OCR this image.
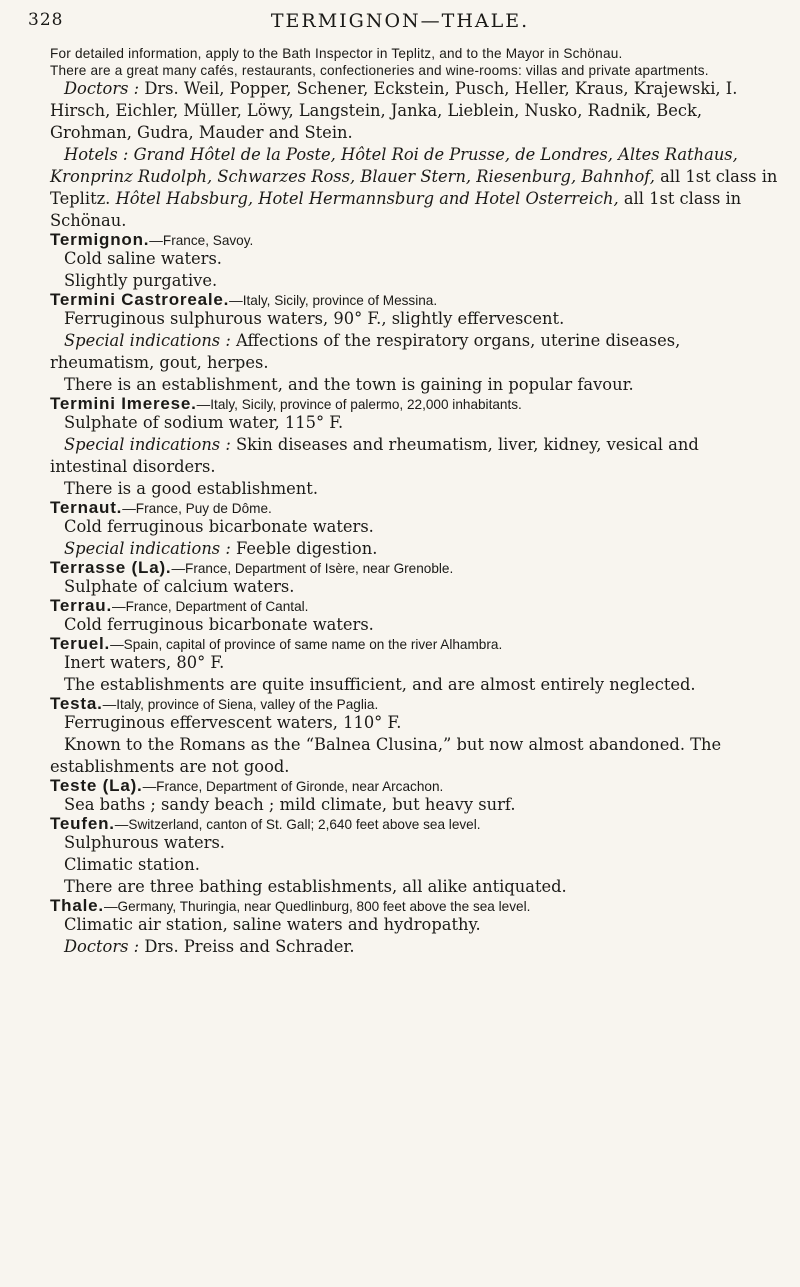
328	TERMIGNON—THALE.

For detailed information, apply to the Bath Inspector in Teplitz, and to the Mayor in Schönau.

There are a great many cafés, restaurants, confectioneries and wine-rooms: villas and private apartments.

Doctors : Drs. Weil, Popper, Schener, Eckstein, Pusch, Heller, Kraus, Krajewski, I. Hirsch, Eichler, Müller, Löwy, Langstein, Janka, Lieblein, Nusko, Radnik, Beck, Grohman, Gudra, Mauder and Stein.

Hotels : Grand Hôtel de la Poste, Hôtel Roi de Prusse, de Londres, Altes Rathaus, Kronprinz Rudolph, Schwarzes Ross, Blauer Stern, Riesenburg, Bahnhof, all 1st class in Teplitz. Hôtel Habsburg, Hotel Hermannsburg and Hotel Osterreich, all 1st class in Schönau.

Termignon.—France, Savoy.

Cold saline waters.

Slightly purgative.

Termini Castroreale.—Italy, Sicily, province of Messina.

Ferruginous sulphurous waters, 90° F., slightly effervescent.

Special indications : Affections of the respiratory organs, uterine diseases, rheumatism, gout, herpes.

There is an establishment, and the town is gaining in popular favour.

Termini Imerese.—Italy, Sicily, province of palermo, 22,000 inhabitants.

Sulphate of sodium water, 115° F.

Special indications : Skin diseases and rheumatism, liver, kidney, vesical and intestinal disorders.

There is a good establishment.

Ternaut.—France, Puy de Dôme.

Cold ferruginous bicarbonate waters.

Special indications : Feeble digestion.

Terrasse (La).—France, Department of Isère, near Grenoble.

Sulphate of calcium waters.

Terrau.—France, Department of Cantal.

Cold ferruginous bicarbonate waters.

Teruel.—Spain, capital of province of same name on the river Alhambra.

Inert waters, 80° F.

The establishments are quite insufficient, and are almost entirely neglected.

Testa.—Italy, province of Siena, valley of the Paglia.

Ferruginous effervescent waters, 110° F.

Known to the Romans as the “Balnea Clusina,” but now almost abandoned. The establishments are not good.

Teste (La).—France, Department of Gironde, near Arcachon.

Sea baths ; sandy beach ; mild climate, but heavy surf.

Teufen.—Switzerland, canton of St. Gall; 2,640 feet above sea level.

Sulphurous waters.

Climatic station.

There are three bathing establishments, all alike antiquated.

Thale.—Germany, Thuringia, near Quedlinburg, 800 feet above the sea level.

Climatic air station, saline waters and hydropathy.

Doctors : Drs. Preiss and Schrader.
